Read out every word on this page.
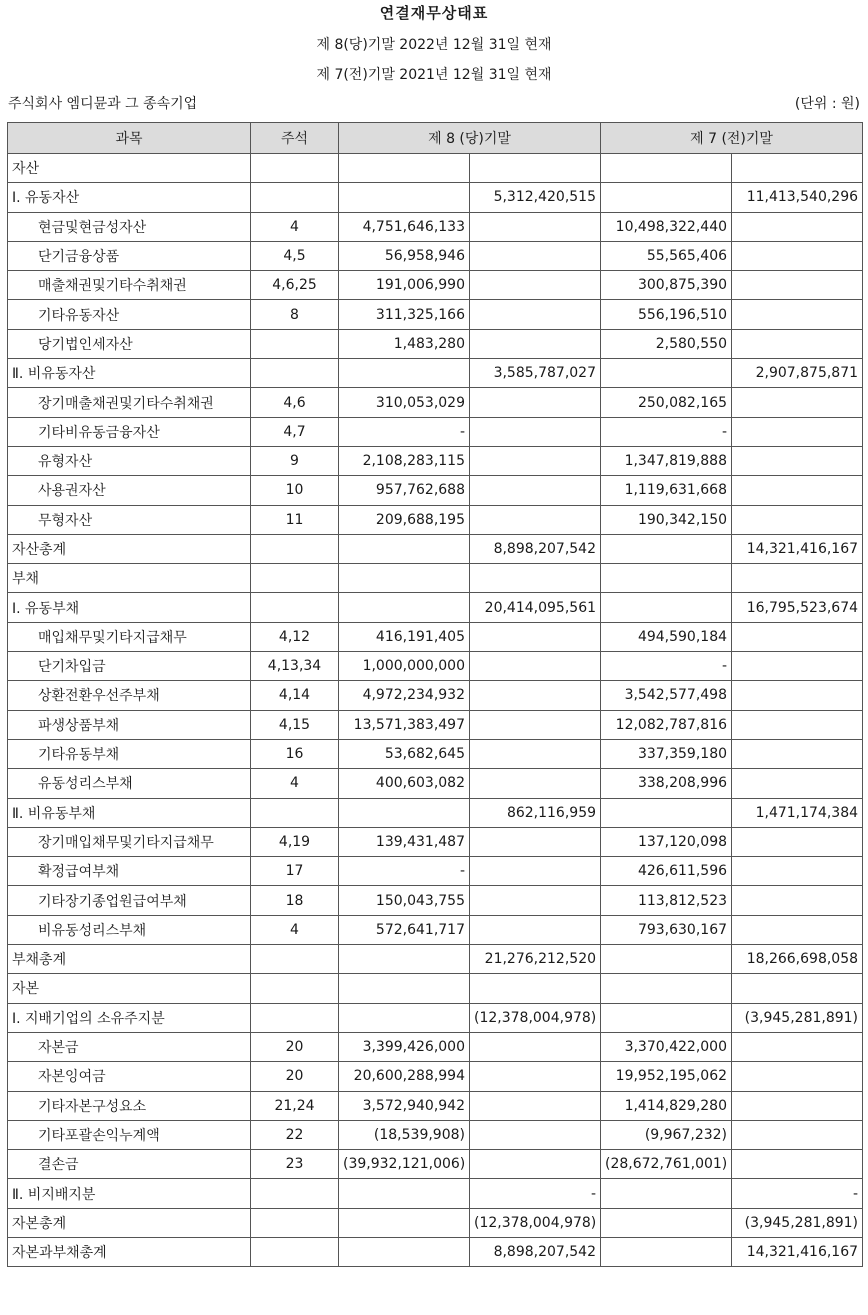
연결재무상태표
제 8(당)기말 2022년 12월 31일 현재
제 7(전)기말 2021년 12월 31일 현재
주식회사 엠디뮨과 그 종속기업	(단위 : 원)
과목	주석	제 8 (당)기말		제 7 (전)기말	
자산					
Ⅰ. 유동자산			5,312,420,515		11,413,540,296
현금및현금성자산	4	4,751,646,133		10,498,322,440	
단기금융상품	4,5	56,958,946		55,565,406	
매출채권및기타수취채권	4,6,25	191,006,990		300,875,390	
기타유동자산	8	311,325,166		556,196,510	
당기법인세자산		1,483,280		2,580,550	
Ⅱ. 비유동자산			3,585,787,027		2,907,875,871
장기매출채권및기타수취채권	4,6	310,053,029		250,082,165	
기타비유동금융자산	4,7	-		-	
유형자산	9	2,108,283,115		1,347,819,888	
사용권자산	10	957,762,688		1,119,631,668	
무형자산	11	209,688,195		190,342,150	
자산총계			8,898,207,542		14,321,416,167
부채					
Ⅰ. 유동부채			20,414,095,561		16,795,523,674
매입채무및기타지급채무	4,12	416,191,405		494,590,184	
단기차입금	4,13,34	1,000,000,000		-	
상환전환우선주부채	4,14	4,972,234,932		3,542,577,498	
파생상품부채	4,15	13,571,383,497		12,082,787,816	
기타유동부채	16	53,682,645		337,359,180	
유동성리스부채	4	400,603,082		338,208,996	
Ⅱ. 비유동부채			862,116,959		1,471,174,384
장기매입채무및기타지급채무	4,19	139,431,487		137,120,098	
확정급여부채	17	-		426,611,596	
기타장기종업원급여부채	18	150,043,755		113,812,523	
비유동성리스부채	4	572,641,717		793,630,167	
부채총계			21,276,212,520		18,266,698,058
자본					
Ⅰ. 지배기업의 소유주지분			(12,378,004,978)		(3,945,281,891)
자본금	20	3,399,426,000		3,370,422,000	
자본잉여금	20	20,600,288,994		19,952,195,062	
기타자본구성요소	21,24	3,572,940,942		1,414,829,280	
기타포괄손익누계액	22	(18,539,908)		(9,967,232)	
결손금	23	(39,932,121,006)		(28,672,761,001)	
Ⅱ. 비지배지분			-		-
자본총계			(12,378,004,978)		(3,945,281,891)
자본과부채총계			8,898,207,542		14,321,416,167
